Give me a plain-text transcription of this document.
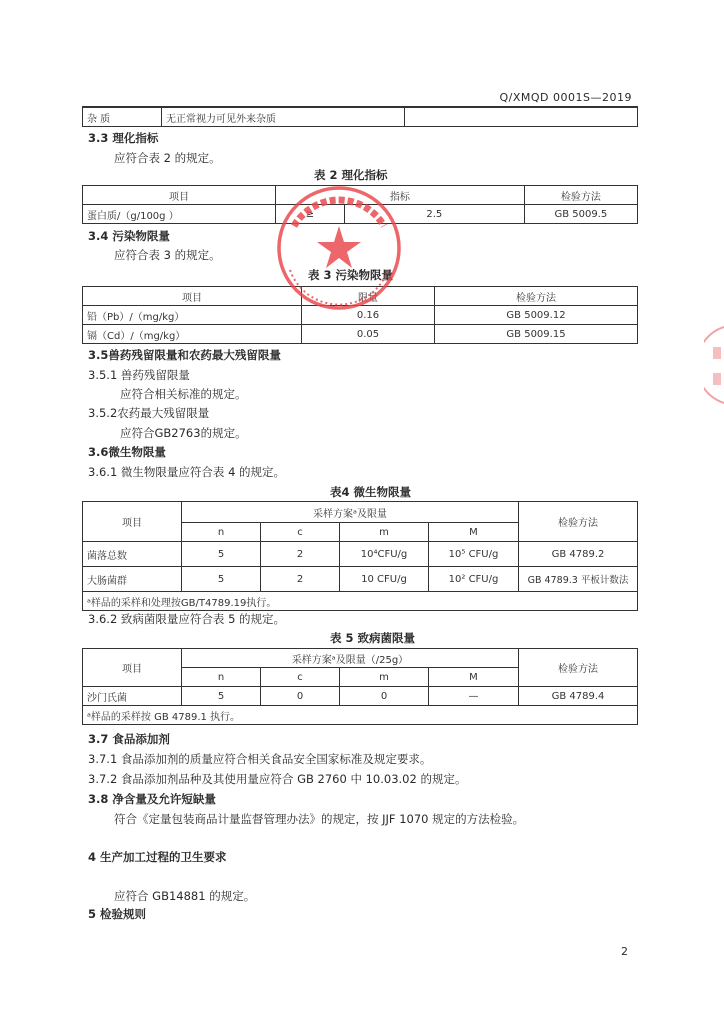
Q/XMQD 0001S—2019
杂 质	无正常视力可见外来杂质	
3.3 理化指标
应符合表 2 的规定。
表 2 理化指标
项目	指标		检验方法
蛋白质/（g/100g ）	≥	2.5	GB 5009.5
3.4 污染物限量
应符合表 3 的规定。
表 3 污染物限量
项目	限量	检验方法
铅（Pb）/（mg/kg）	0.16	GB 5009.12
镉（Cd）/（mg/kg）	0.05	GB 5009.15
3.5兽药残留限量和农药最大残留限量
3.5.1 兽药残留限量
应符合相关标准的规定。
3.5.2农药最大残留限量
应符合GB2763的规定。
3.6微生物限量
3.6.1 微生物限量应符合表 4 的规定。
表4 微生物限量
项目	采样方案ᵃ及限量				检验方法
	n	c	m	M	
菌落总数	5	2	10⁴CFU/g	10⁵ CFU/g	GB 4789.2
大肠菌群	5	2	10 CFU/g	10² CFU/g	GB 4789.3 平板计数法
ᵃ样品的采样和处理按GB/T4789.19执行。					
3.6.2 致病菌限量应符合表 5 的规定。
表 5 致病菌限量
项目	采样方案ᵃ及限量（/25g）				检验方法
	n	c	m	M	
沙门氏菌	5	0	0	—	GB 4789.4
ᵃ样品的采样按 GB 4789.1 执行。					
3.7 食品添加剂
3.7.1 食品添加剂的质量应符合相关食品安全国家标准及规定要求。
3.7.2 食品添加剂品种及其使用量应符合 GB 2760 中 10.03.02 的规定。
3.8 净含量及允许短缺量
符合《定量包装商品计量监督管理办法》的规定，按 JJF 1070 规定的方法检验。
4 生产加工过程的卫生要求
应符合 GB14881 的规定。
5 检验规则
2
